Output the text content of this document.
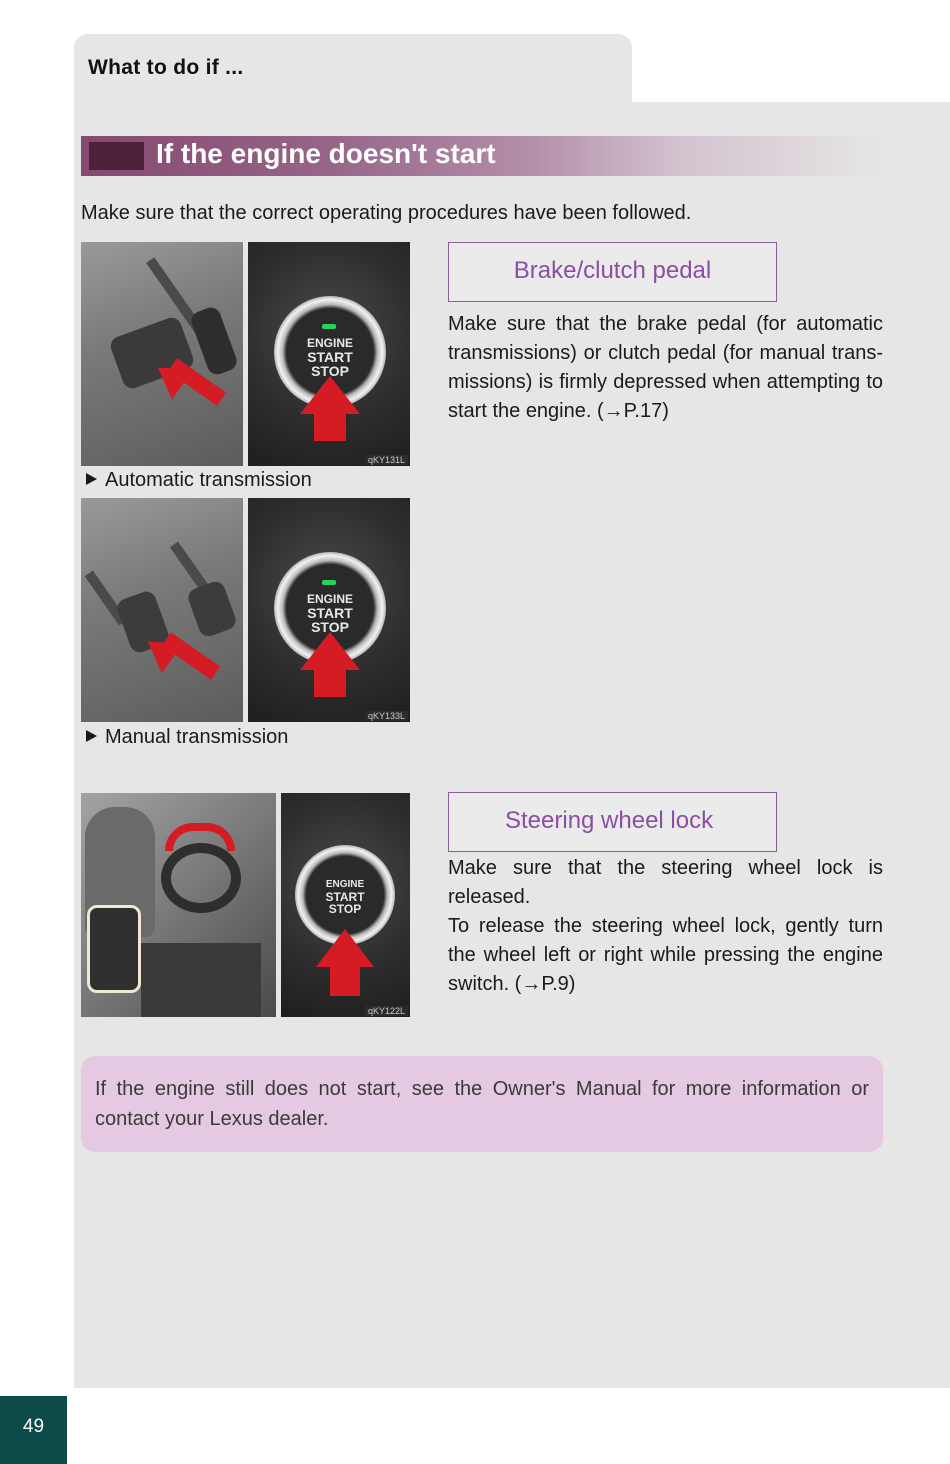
What to do if ...
If the engine doesn't start
Make sure that the correct operating procedures have been followed.
ENGINE
START
STOP
qKY131L
Automatic transmission
ENGINE
START
STOP
qKY133L
Manual transmission
Brake/clutch pedal
Make sure that the brake pedal (for automatic transmissions) or clutch pedal (for manual trans-missions) is firmly depressed when attempting to start the engine. (→P.17)
ENGINE
START
STOP
qKY122L
Steering wheel lock
Make sure that the steering wheel lock is released.
To release the steering wheel lock, gently turn the wheel left or right while pressing the engine switch. (→P.9)
If the engine still does not start, see the Owner's Manual for more information or contact your Lexus dealer.
49
